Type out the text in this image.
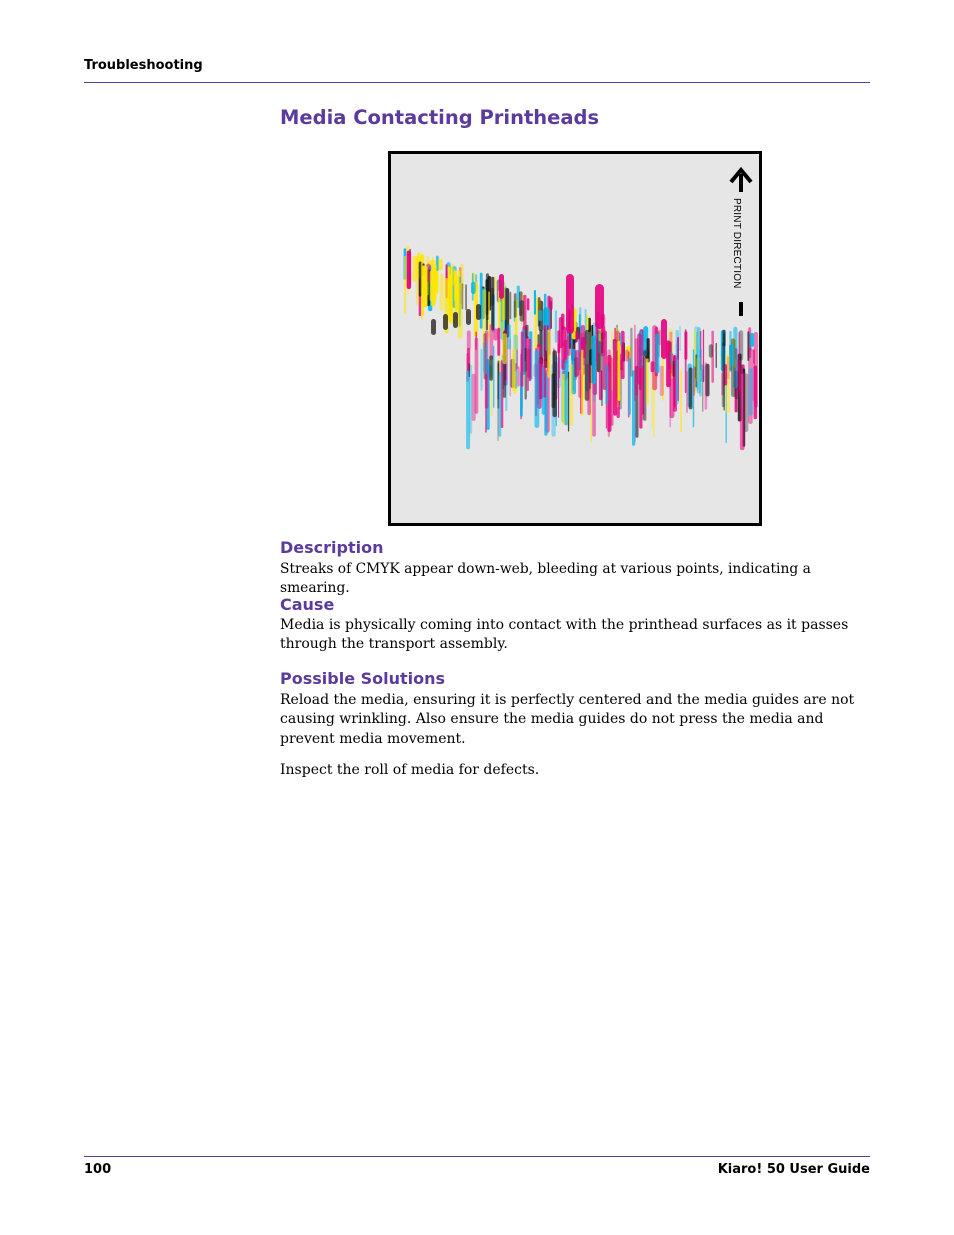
Troubleshooting
Media Contacting Printheads
PRINT DIRECTION
Description

Streaks of CMYK appear down-web, bleeding at various points, indicating a smearing.

Cause

Media is physically coming into contact with the printhead surfaces as it passes through the transport assembly.

Possible Solutions

Reload the media, ensuring it is perfectly centered and the media guides are not causing wrinkling. Also ensure the media guides do not press the media and prevent media movement.

Inspect the roll of media for defects.

100	Kiaro! 50 User Guide
